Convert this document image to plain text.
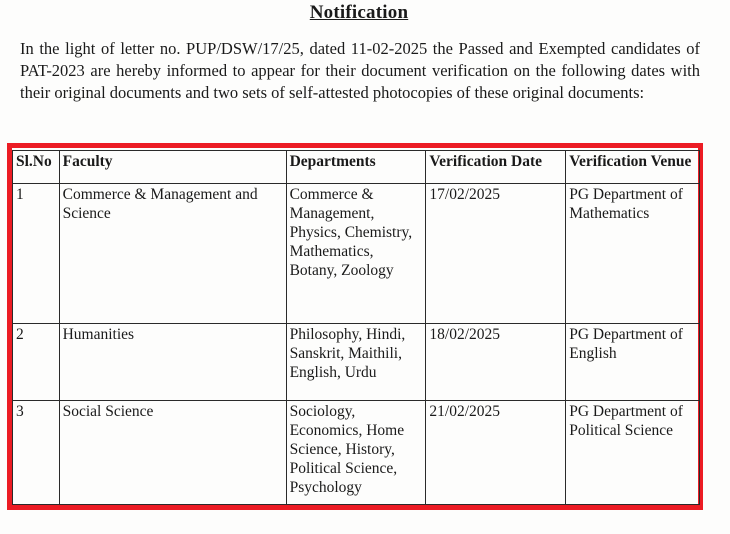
Notification

In the light of letter no. PUP/DSW/17/25, dated 11-02-2025 the Passed and Exempted candidates of PAT-2023 are hereby informed to appear for their document verification on the following dates with their original documents and two sets of self-attested photocopies of these original documents:

Sl.No	Faculty	Departments	Verification Date	Verification Venue
1	Commerce & Management and Science	Commerce & Management, Physics, Chemistry, Mathematics, Botany, Zoology	17/02/2025	PG Department of Mathematics
2	Humanities	Philosophy, Hindi, Sanskrit, Maithili, English, Urdu	18/02/2025	PG Department of English
3	Social Science	Sociology, Economics, Home Science, History, Political Science, Psychology	21/02/2025	PG Department of Political Science
